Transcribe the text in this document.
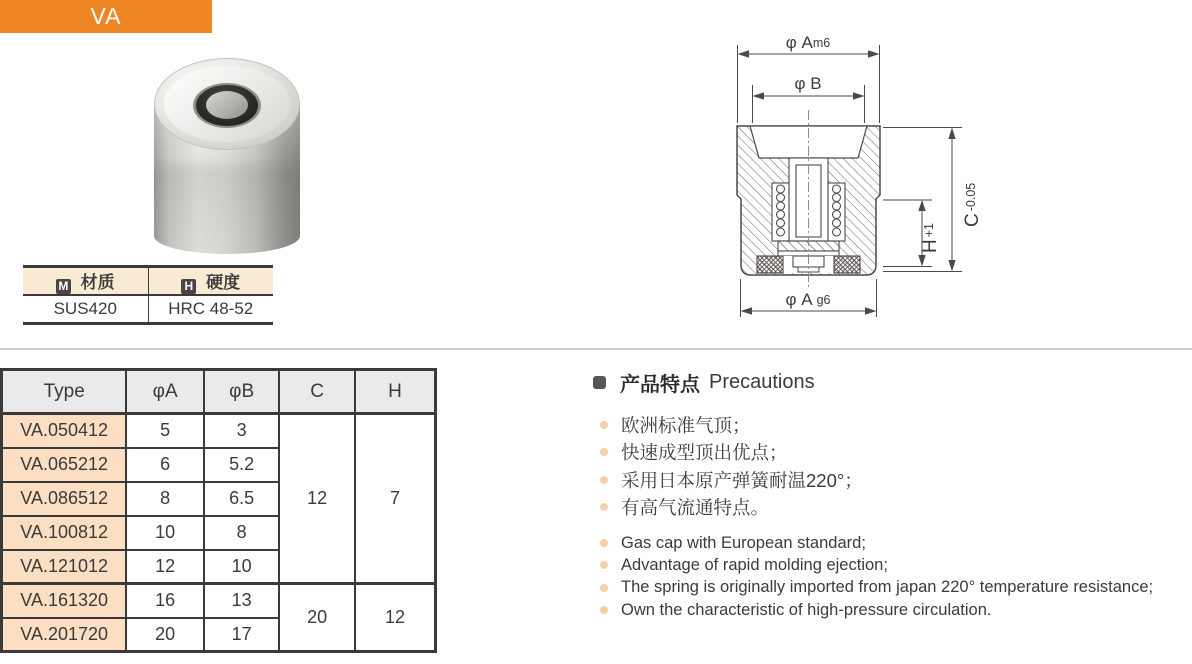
VA
M 材质	H 硬度
SUS420	HRC 48-52
φ Am6
φ B
φ A g6
C-0.05
H+1
Type	φA	φB	C	H
VA.050412	5	3	12	7
VA.065212	6	5.2		
VA.086512	8	6.5		
VA.100812	10	8		
VA.121012	12	10		
VA.161320	16	13	20	12
VA.201720	20	17		
产品特点 Precautions
欧洲标准气顶；
快速成型顶出优点；
采用日本原产弹簧耐温220°；
有高气流通特点。
Gas cap with European standard;
Advantage of rapid molding ejection;
The spring is originally imported from japan 220° temperature resistance;
Own the characteristic of high-pressure circulation.
